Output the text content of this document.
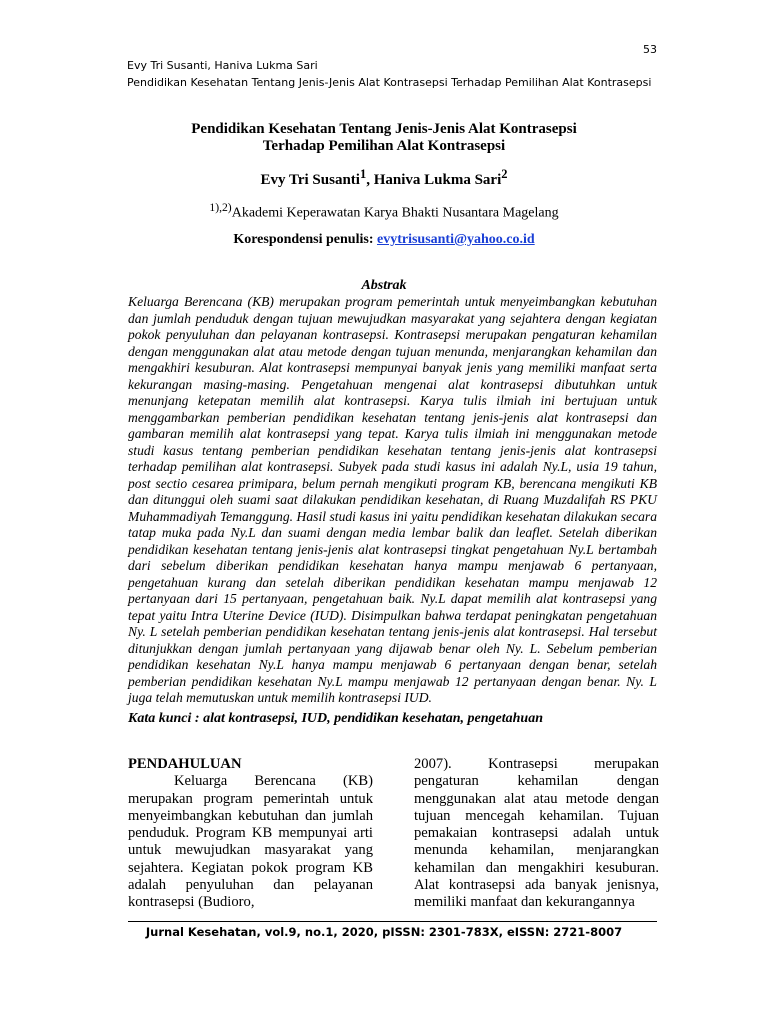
53
Evy Tri Susanti, Haniva Lukma Sari
Pendidikan Kesehatan Tentang Jenis-Jenis Alat Kontrasepsi Terhadap Pemilihan Alat Kontrasepsi
Pendidikan Kesehatan Tentang Jenis-Jenis Alat Kontrasepsi
Terhadap Pemilihan Alat Kontrasepsi
Evy Tri Susanti$^1$, Haniva Lukma Sari$^2$
$^{1),2)}$Akademi Keperawatan Karya Bhakti Nusantara Magelang
Korespondensi penulis: evytrisusanti@yahoo.co.id
Abstrak
Keluarga Berencana (KB) merupakan program pemerintah untuk menyeimbangkan kebutuhan dan jumlah penduduk dengan tujuan mewujudkan masyarakat yang sejahtera dengan kegiatan pokok penyuluhan dan pelayanan kontrasepsi. Kontrasepsi merupakan pengaturan kehamilan dengan menggunakan alat atau metode dengan tujuan menunda, menjarangkan kehamilan dan mengakhiri kesuburan. Alat kontrasepsi mempunyai banyak jenis yang memiliki manfaat serta kekurangan masing-masing. Pengetahuan mengenai alat kontrasepsi dibutuhkan untuk menunjang ketepatan memilih alat kontrasepsi. Karya tulis ilmiah ini bertujuan untuk menggambarkan pemberian pendidikan kesehatan tentang jenis-jenis alat kontrasepsi dan gambaran memilih alat kontrasepsi yang tepat. Karya tulis ilmiah ini menggunakan metode studi kasus tentang pemberian pendidikan kesehatan tentang jenis-jenis alat kontrasepsi terhadap pemilihan alat kontrasepsi. Subyek pada studi kasus ini adalah Ny.L, usia 19 tahun, post sectio cesarea primipara, belum pernah mengikuti program KB, berencana mengikuti KB dan ditunggui oleh suami saat dilakukan pendidikan kesehatan, di Ruang Muzdalifah RS PKU Muhammadiyah Temanggung. Hasil studi kasus ini yaitu pendidikan kesehatan dilakukan secara tatap muka pada Ny.L dan suami dengan media lembar balik dan leaflet. Setelah diberikan pendidikan kesehatan tentang jenis-jenis alat kontrasepsi tingkat pengetahuan Ny.L bertambah dari sebelum diberikan pendidikan kesehatan hanya mampu menjawab 6 pertanyaan, pengetahuan kurang dan setelah diberikan pendidikan kesehatan mampu menjawab 12 pertanyaan dari 15 pertanyaan, pengetahuan baik. Ny.L dapat memilih alat kontrasepsi yang tepat yaitu Intra Uterine Device (IUD). Disimpulkan bahwa terdapat peningkatan pengetahuan Ny. L setelah pemberian pendidikan kesehatan tentang jenis-jenis alat kontrasepsi. Hal tersebut ditunjukkan dengan jumlah pertanyaan yang dijawab benar oleh Ny. L. Sebelum pemberian pendidikan kesehatan Ny.L hanya mampu menjawab 6 pertanyaan dengan benar, setelah pemberian pendidikan kesehatan Ny.L mampu menjawab 12 pertanyaan dengan benar. Ny. L juga telah memutuskan untuk memilih kontrasepsi IUD.
Kata kunci : alat kontrasepsi, IUD, pendidikan kesehatan, pengetahuan
PENDAHULUAN

Keluarga Berencana (KB) merupakan program pemerintah untuk menyeimbangkan kebutuhan dan jumlah penduduk. Program KB mempunyai arti untuk mewujudkan masyarakat yang sejahtera. Kegiatan pokok program KB adalah penyuluhan dan pelayanan kontrasepsi (Budioro,

2007). Kontrasepsi merupakan pengaturan kehamilan dengan menggunakan alat atau metode dengan tujuan mencegah kehamilan. Tujuan pemakaian kontrasepsi adalah untuk menunda kehamilan, menjarangkan kehamilan dan mengakhiri kesuburan. Alat kontrasepsi ada banyak jenisnya, memiliki manfaat dan kekurangannya

Jurnal Kesehatan, vol.9, no.1, 2020, pISSN: 2301-783X, eISSN: 2721-8007
